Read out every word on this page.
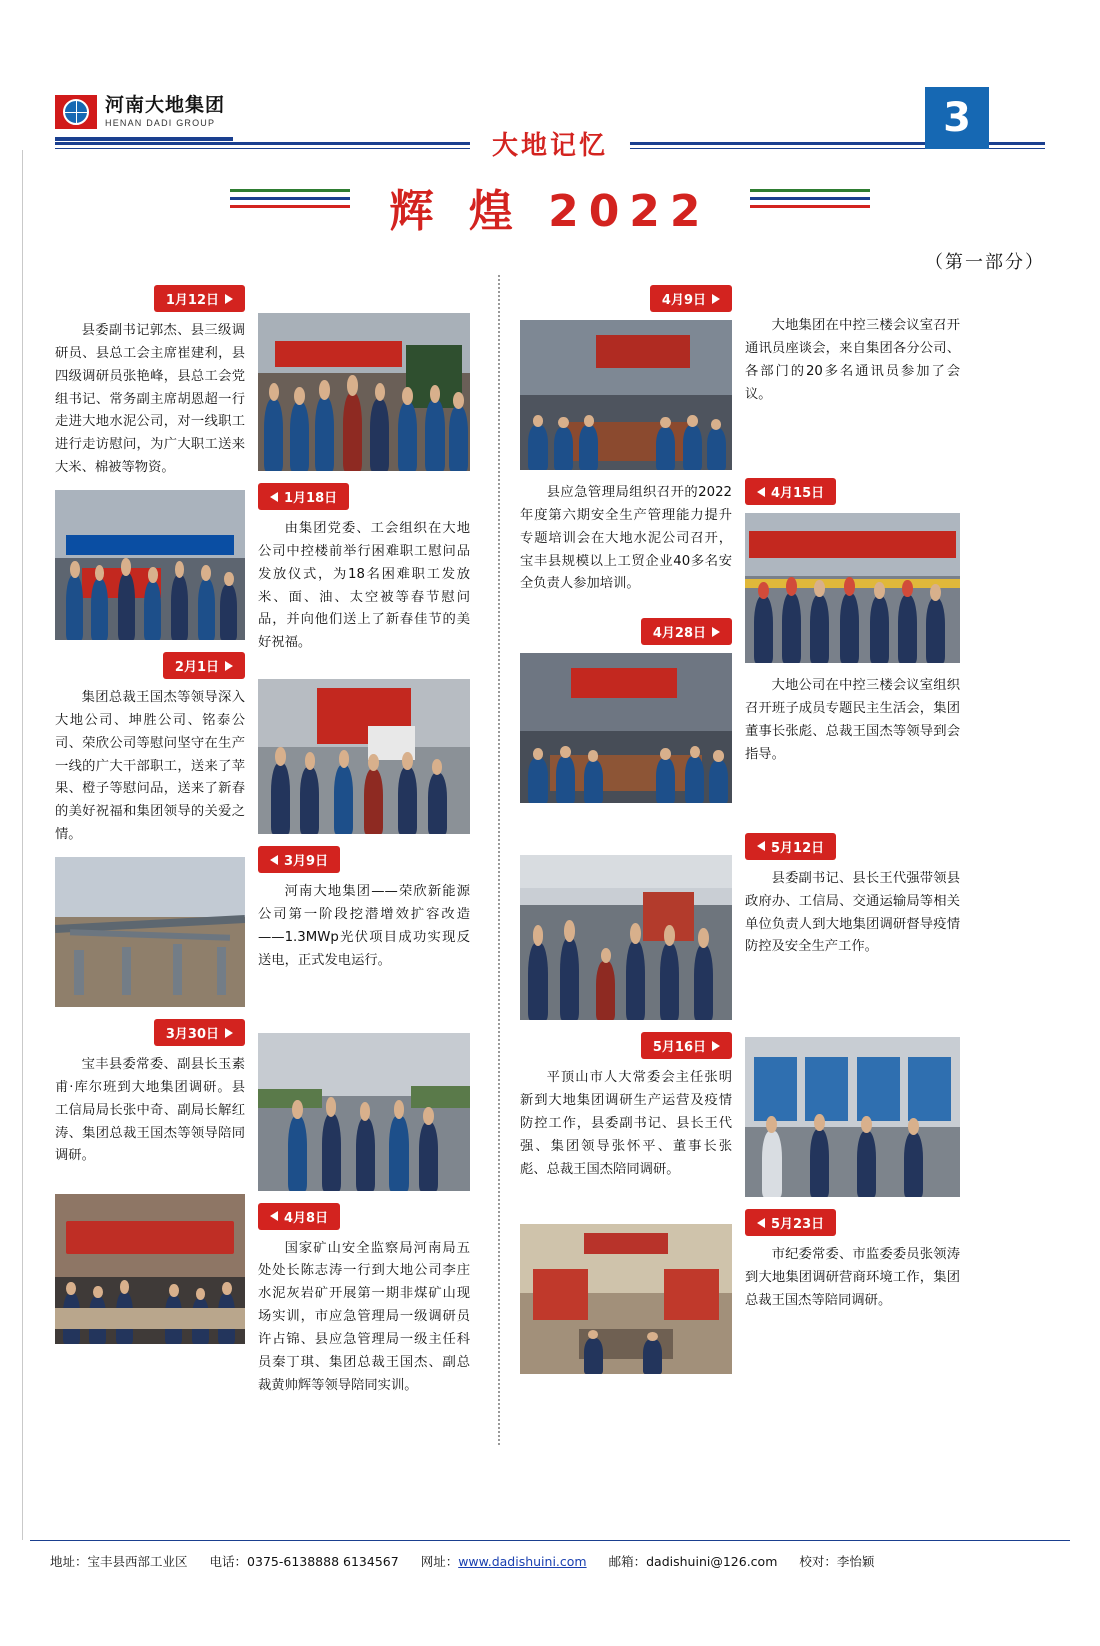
河南大地集团
HENAN DADI GROUP
大地记忆
3
辉 煌 2022
（第一部分）
1月12日

县委副书记郭杰、县三级调研员、县总工会主席崔建利，县四级调研员张艳峰，县总工会党组书记、常务副主席胡恩超一行走进大地水泥公司，对一线职工进行走访慰问，为广大职工送来大米、棉被等物资。

2月1日

集团总裁王国杰等领导深入大地公司、坤胜公司、铭泰公司、荣欣公司等慰问坚守在生产一线的广大干部职工，送来了苹果、橙子等慰问品，送来了新春的美好祝福和集团领导的关爱之情。

3月30日

宝丰县委常委、副县长玉素甫·库尔班到大地集团调研。县工信局局长张中奇、副局长解红涛、集团总裁王国杰等领导陪同调研。

1月18日

由集团党委、工会组织在大地公司中控楼前举行困难职工慰问品发放仪式，为18名困难职工发放米、面、油、太空被等春节慰问品，并向他们送上了新春佳节的美好祝福。

3月9日

河南大地集团——荣欣新能源公司第一阶段挖潜增效扩容改造——1.3MWp光伏项目成功实现反送电，正式发电运行。

4月8日

国家矿山安全监察局河南局五处处长陈志涛一行到大地公司李庄水泥灰岩矿开展第一期非煤矿山现场实训，市应急管理局一级调研员许占锦、县应急管理局一级主任科员秦丁琪、集团总裁王国杰、副总裁黄帅辉等领导陪同实训。

4月9日

县应急管理局组织召开的2022年度第六期安全生产管理能力提升专题培训会在大地水泥公司召开，宝丰县规模以上工贸企业40多名安全负责人参加培训。

4月28日
5月16日

平顶山市人大常委会主任张明新到大地集团调研生产运营及疫情防控工作，县委副书记、县长王代强、集团领导张怀平、董事长张彪、总裁王国杰陪同调研。

大地集团在中控三楼会议室召开通讯员座谈会，来自集团各分公司、各部门的20多名通讯员参加了会议。

4月15日

大地公司在中控三楼会议室组织召开班子成员专题民主生活会，集团董事长张彪、总裁王国杰等领导到会指导。

5月12日

县委副书记、县长王代强带领县政府办、工信局、交通运输局等相关单位负责人到大地集团调研督导疫情防控及安全生产工作。

5月23日

市纪委常委、市监委委员张领涛到大地集团调研营商环境工作，集团总裁王国杰等陪同调研。

地址：宝丰县西部工业区 电话：0375-6138888 6134567 网址：www.dadishuini.com 邮箱：dadishuini@126.com 校对：李怡颖
